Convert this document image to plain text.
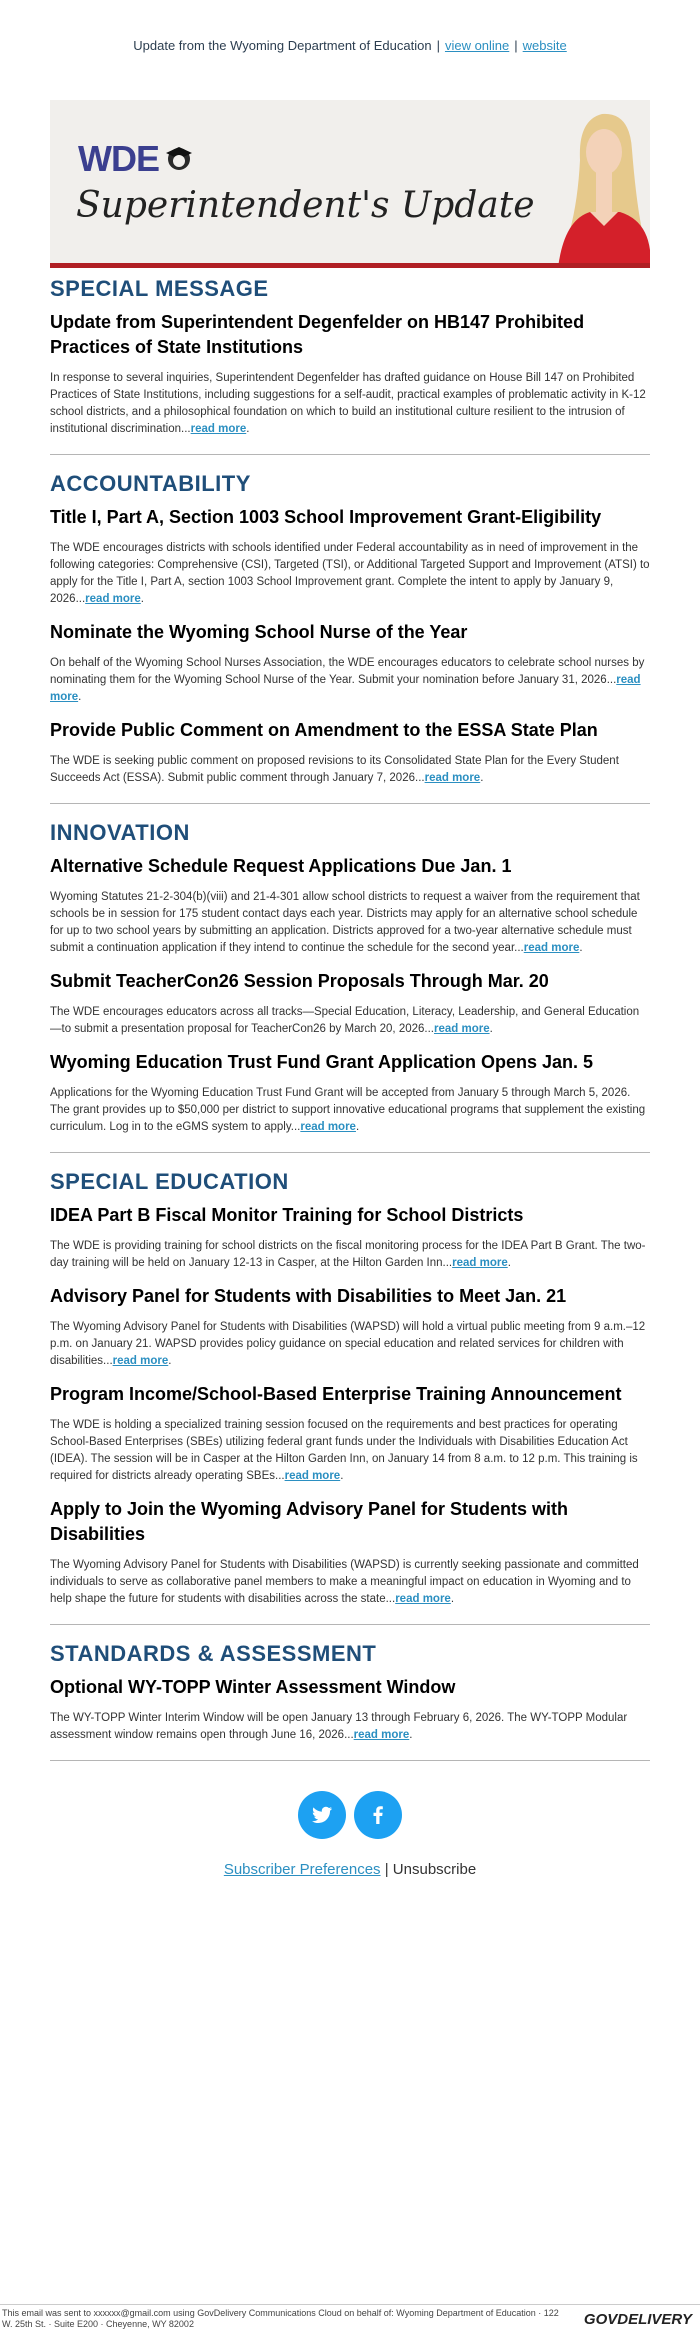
Update from the Wyoming Department of Education | view online | website
WDE
Superintendent's Update
SPECIAL MESSAGE
Update from Superintendent Degenfelder on HB147 Prohibited Practices of State Institutions
In response to several inquiries, Superintendent Degenfelder has drafted guidance on House Bill 147 on Prohibited Practices of State Institutions, including suggestions for a self-audit, practical examples of problematic activity in K-12 school districts, and a philosophical foundation on which to build an institutional culture resilient to the intrusion of institutional discrimination...read more.
ACCOUNTABILITY
Title I, Part A, Section 1003 School Improvement Grant-Eligibility
The WDE encourages districts with schools identified under Federal accountability as in need of improvement in the following categories: Comprehensive (CSI), Targeted (TSI), or Additional Targeted Support and Improvement (ATSI) to apply for the Title I, Part A, section 1003 School Improvement grant. Complete the intent to apply by January 9, 2026...read more.
Nominate the Wyoming School Nurse of the Year
On behalf of the Wyoming School Nurses Association, the WDE encourages educators to celebrate school nurses by nominating them for the Wyoming School Nurse of the Year. Submit your nomination before January 31, 2026...read more.
Provide Public Comment on Amendment to the ESSA State Plan
The WDE is seeking public comment on proposed revisions to its Consolidated State Plan for the Every Student Succeeds Act (ESSA). Submit public comment through January 7, 2026...read more.
INNOVATION
Alternative Schedule Request Applications Due Jan. 1
Wyoming Statutes 21-2-304(b)(viii) and 21-4-301 allow school districts to request a waiver from the requirement that schools be in session for 175 student contact days each year. Districts may apply for an alternative school schedule for up to two school years by submitting an application. Districts approved for a two-year alternative schedule must submit a continuation application if they intend to continue the schedule for the second year...read more.
Submit TeacherCon26 Session Proposals Through Mar. 20
The WDE encourages educators across all tracks—Special Education, Literacy, Leadership, and General Education—to submit a presentation proposal for TeacherCon26 by March 20, 2026...read more.
Wyoming Education Trust Fund Grant Application Opens Jan. 5
Applications for the Wyoming Education Trust Fund Grant will be accepted from January 5 through March 5, 2026. The grant provides up to $50,000 per district to support innovative educational programs that supplement the existing curriculum. Log in to the eGMS system to apply...read more.
SPECIAL EDUCATION
IDEA Part B Fiscal Monitor Training for School Districts
The WDE is providing training for school districts on the fiscal monitoring process for the IDEA Part B Grant. The two-day training will be held on January 12-13 in Casper, at the Hilton Garden Inn...read more.
Advisory Panel for Students with Disabilities to Meet Jan. 21
The Wyoming Advisory Panel for Students with Disabilities (WAPSD) will hold a virtual public meeting from 9 a.m.–12 p.m. on January 21. WAPSD provides policy guidance on special education and related services for children with disabilities...read more.
Program Income/School-Based Enterprise Training Announcement
The WDE is holding a specialized training session focused on the requirements and best practices for operating School-Based Enterprises (SBEs) utilizing federal grant funds under the Individuals with Disabilities Education Act (IDEA). The session will be in Casper at the Hilton Garden Inn, on January 14 from 8 a.m. to 12 p.m. This training is required for districts already operating SBEs...read more.
Apply to Join the Wyoming Advisory Panel for Students with Disabilities
The Wyoming Advisory Panel for Students with Disabilities (WAPSD) is currently seeking passionate and committed individuals to serve as collaborative panel members to make a meaningful impact on education in Wyoming and to help shape the future for students with disabilities across the state...read more.
STANDARDS & ASSESSMENT
Optional WY-TOPP Winter Assessment Window
The WY-TOPP Winter Interim Window will be open January 13 through February 6, 2026. The WY-TOPP Modular assessment window remains open through June 16, 2026...read more.

Subscriber Preferences | Unsubscribe
This email was sent to xxxxxx@gmail.com using GovDelivery Communications Cloud on behalf of: Wyoming Department of Education · 122 W. 25th St. · Suite E200 · Cheyenne, WY 82002	GOVDELIVERY
